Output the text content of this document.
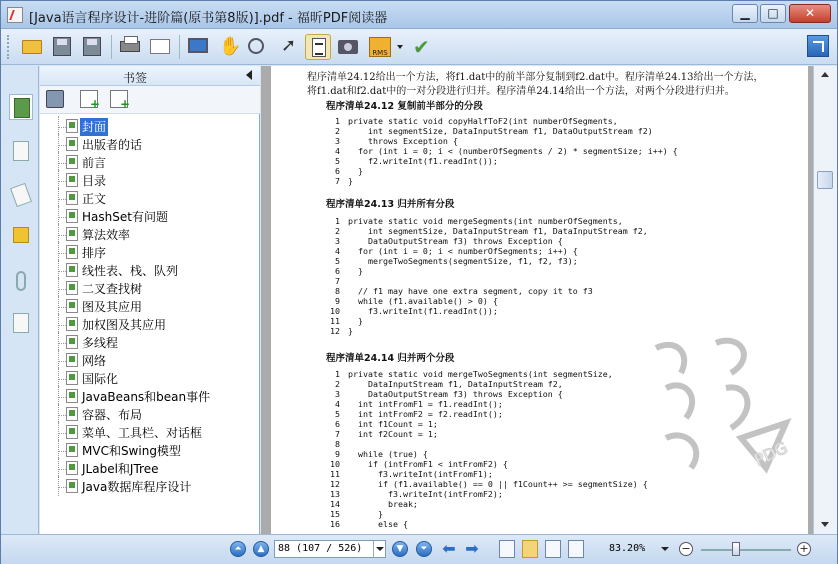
[Java语言程序设计-进阶篇(原书第8版)].pdf - 福昕PDF阅读器	▁	□	✕
✋ ➚	RMS ✔
书签
+
+
封面
出版者的话
前言
目录
正文
HashSet有问题
算法效率
排序
线性表、栈、队列
二叉查找树
图及其应用
加权图及其应用
多线程
网络
国际化
JavaBeans和bean事件
容器、布局
菜单、工具栏、对话框
MVC和Swing模型
JLabel和JTree
Java数据库程序设计
程序清单24.12给出一个方法，将f1.dat中的前半部分复制到f2.dat中。程序清单24.13给出一个方法，
将f1.dat和f2.dat中的一对分段进行归并。程序清单24.14给出一个方法，对两个分段进行归并。
程序清单24.12 复制前半部分的分段
1 private static void copyHalfToF2(int numberOfSegments,
2    int segmentSize, DataInputStream f1, DataOutputStream f2)
3    throws Exception {
4  for (int i = 0; i < (numberOfSegments / 2) * segmentSize; i++) {
5    f2.writeInt(f1.readInt());
6  }
7 }
程序清单24.13 归并所有分段
1 private static void mergeSegments(int numberOfSegments,
2    int segmentSize, DataInputStream f1, DataInputStream f2,
3    DataOutputStream f3) throws Exception {
4  for (int i = 0; i < numberOfSegments; i++) {
5    mergeTwoSegments(segmentSize, f1, f2, f3);
6  }
7
8  // f1 may have one extra segment, copy it to f3
9  while (f1.available() > 0) {
10    f3.writeInt(f1.readInt());
11  }
12 }
程序清单24.14 归并两个分段
1 private static void mergeTwoSegments(int segmentSize,
2    DataInputStream f1, DataInputStream f2,
3    DataOutputStream f3) throws Exception {
4  int intFromF1 = f1.readInt();
5  int intFromF2 = f2.readInt();
6  int f1Count = 1;
7  int f2Count = 1;
8
9  while (true) {
10    if (intFromF1 < intFromF2) {
11      f3.writeInt(intFromF1);
12      if (f1.available() == 0 || f1Count++ >= segmentSize) {
13        f3.writeInt(intFromF2);
14        break;
15      }
16      else {
PDG
⏶	▲	88 (107 / 526)	▼	⏷ ⬅ ➡	83.20%	−	+
